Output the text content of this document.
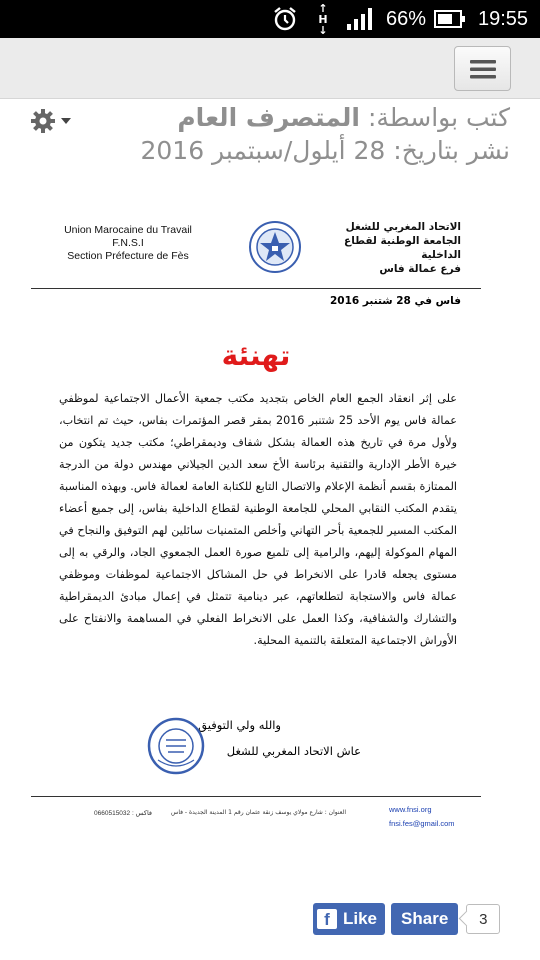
↑
H
↓
66%	19:55
كتب بواسطة: المتصرف العام
نشر بتاريخ: 28 أيلول/سبتمبر 2016
Union Marocaine du Travail
F.N.S.I
Section Préfecture de Fès
الاتحاد المغربي للشغل
الجامعة الوطنية لقطاع الداخلية
فرع عمالة فاس
فاس في 28 شتنبر 2016
تهنئة
على إثر انعقاد الجمع العام الخاص بتجديد مكتب جمعية الأعمال الاجتماعية لموظفي عمالة فاس يوم الأحد 25 شتنبر 2016 بمقر قصر المؤتمرات بفاس، حيث تم انتخاب، ولأول مرة في تاريخ هذه العمالة بشكل شفاف وديمقراطي؛ مكتب جديد يتكون من خيرة الأطر الإدارية والتقنية برئاسة الأخ سعد الدين الجيلاني مهندس دولة من الدرجة الممتازة بقسم أنظمة الإعلام والاتصال التابع للكتابة العامة لعمالة فاس. وبهذه المناسبة يتقدم المكتب النقابي المحلي للجامعة الوطنية لقطاع الداخلية بفاس، إلى جميع أعضاء المكتب المسير للجمعية بأحر التهاني وأخلص المتمنيات سائلين لهم التوفيق والنجاح في المهام الموكولة إليهم، والرامية إلى تلميع صورة العمل الجمعوي الجاد، والرقي به إلى مستوى يجعله قادرا على الانخراط في حل المشاكل الاجتماعية لموظفات وموظفي عمالة فاس والاستجابة لتطلعاتهم، عبر دينامية تتمثل في إعمال مبادئ الديمقراطية والتشارك والشفافية، وكذا العمل على الانخراط الفعلي في المساهمة والانفتاح على الأوراش الاجتماعية المتعلقة بالتنمية المحلية.
والله ولي التوفيق.
عاش الاتحاد المغربي للشغل
فاكس : 0660515032	العنوان : شارع مولاي يوسف زنقة عثمان رقم 1 المدينة الجديدة - فاس	www.fnsi.org
fnsi.fes@gmail.com
f Like Share 3
